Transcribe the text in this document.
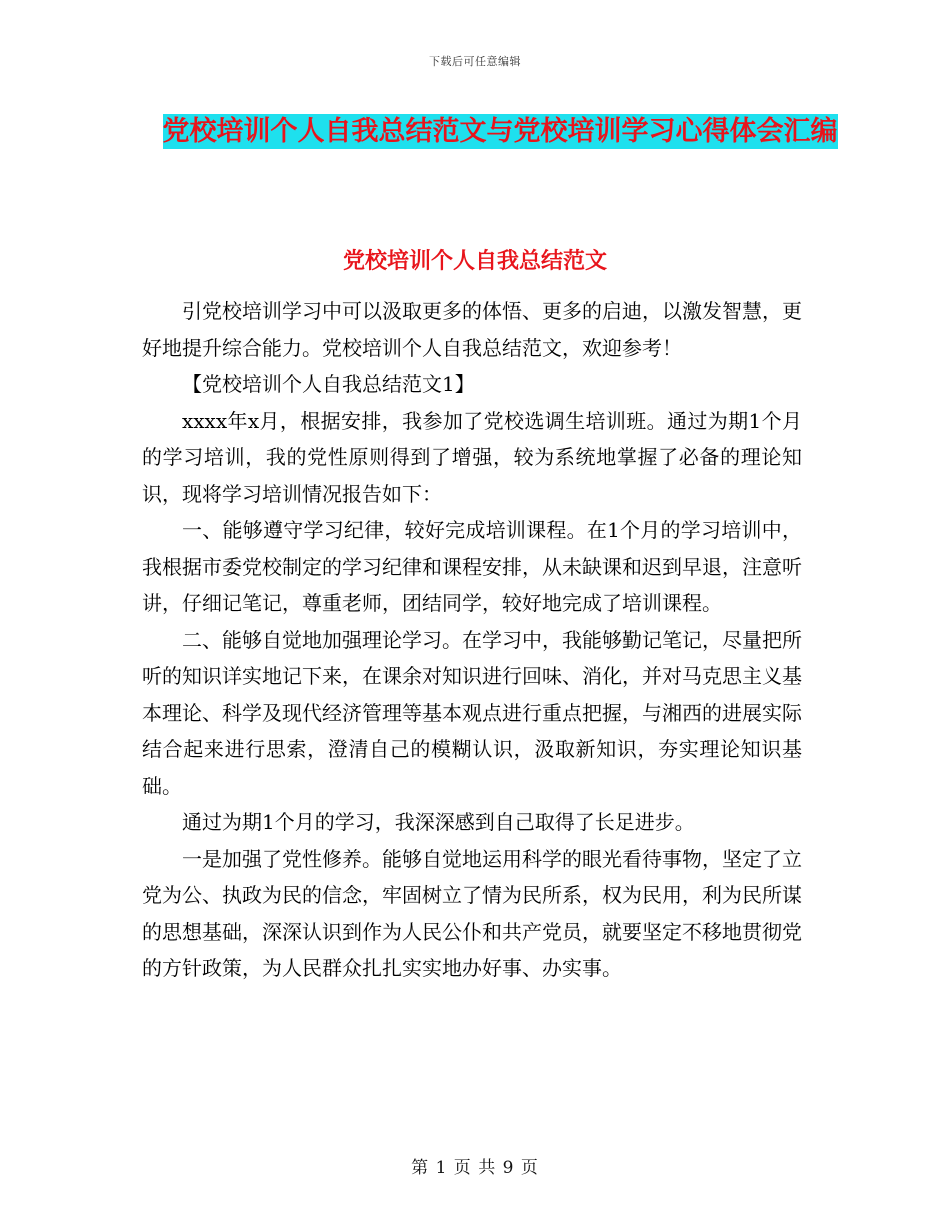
下载后可任意编辑
党校培训个人自我总结范文与党校培训学习心得体会汇编
党校培训个人自我总结范文

引党校培训学习中可以汲取更多的体悟、更多的启迪，以激发智慧，更好地提升综合能力。党校培训个人自我总结范文，欢迎参考！

【党校培训个人自我总结范文1】

xxxx年x月，根据安排，我参加了党校选调生培训班。通过为期1个月的学习培训，我的党性原则得到了增强，较为系统地掌握了必备的理论知识，现将学习培训情况报告如下：

一、能够遵守学习纪律，较好完成培训课程。在1个月的学习培训中，我根据市委党校制定的学习纪律和课程安排，从未缺课和迟到早退，注意听讲，仔细记笔记，尊重老师，团结同学，较好地完成了培训课程。

二、能够自觉地加强理论学习。在学习中，我能够勤记笔记，尽量把所听的知识详实地记下来，在课余对知识进行回味、消化，并对马克思主义基本理论、科学及现代经济管理等基本观点进行重点把握，与湘西的进展实际结合起来进行思索，澄清自己的模糊认识，汲取新知识，夯实理论知识基础。

通过为期1个月的学习，我深深感到自己取得了长足进步。

一是加强了党性修养。能够自觉地运用科学的眼光看待事物，坚定了立党为公、执政为民的信念，牢固树立了情为民所系，权为民用，利为民所谋的思想基础，深深认识到作为人民公仆和共产党员，就要坚定不移地贯彻党的方针政策，为人民群众扎扎实实地办好事、办实事。

第 1 页 共 9 页
